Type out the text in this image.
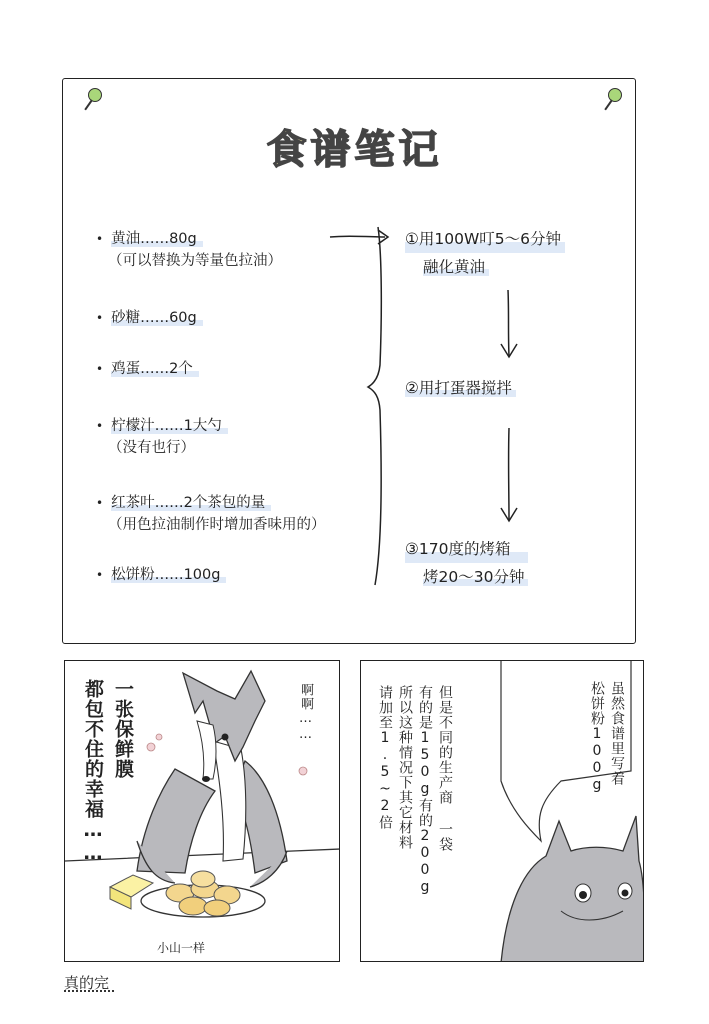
食谱笔记
• 黄油……80g
（可以替换为等量色拉油）
• 砂糖……60g
• 鸡蛋……2个
• 柠檬汁……1大勺
（没有也行）
• 红茶叶……2个茶包的量
（用色拉油制作时增加香味用的）
• 松饼粉……100g
①用100W叮5～6分钟
融化黄油
②用打蛋器搅拌
③170度的烤箱
烤20～30分钟
一张保鲜膜
都包不住的幸福……	啊啊……
小山一样
虽然食谱里写着
松饼粉100g
但是不同的生产商 一袋
有的是150g有的200g
所以这种情况下其它材料
请加至1.5~2倍
真的完
